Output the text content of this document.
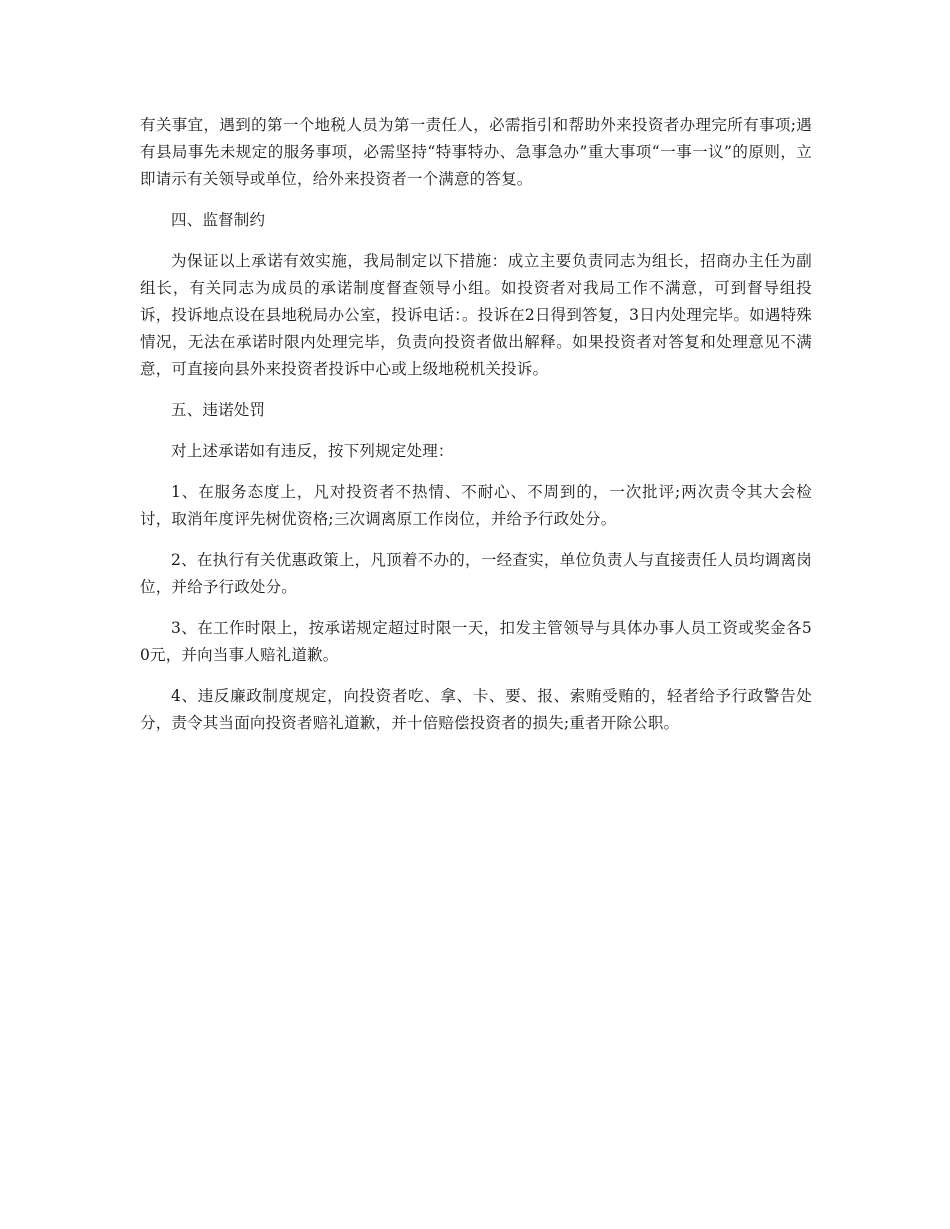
有关事宜，遇到的第一个地税人员为第一责任人，必需指引和帮助外来投资者办理完所有事项;遇有县局事先未规定的服务事项，必需坚持“特事特办、急事急办”重大事项“一事一议”的原则，立即请示有关领导或单位，给外来投资者一个满意的答复。

四、监督制约

为保证以上承诺有效实施，我局制定以下措施：成立主要负责同志为组长，招商办主任为副组长，有关同志为成员的承诺制度督查领导小组。如投资者对我局工作不满意，可到督导组投诉，投诉地点设在县地税局办公室，投诉电话：。投诉在2日得到答复，3日内处理完毕。如遇特殊情况，无法在承诺时限内处理完毕，负责向投资者做出解释。如果投资者对答复和处理意见不满意，可直接向县外来投资者投诉中心或上级地税机关投诉。

五、违诺处罚

对上述承诺如有违反，按下列规定处理：

1、在服务态度上，凡对投资者不热情、不耐心、不周到的，一次批评;两次责令其大会检讨，取消年度评先树优资格;三次调离原工作岗位，并给予行政处分。

2、在执行有关优惠政策上，凡顶着不办的，一经查实，单位负责人与直接责任人员均调离岗位，并给予行政处分。

3、在工作时限上，按承诺规定超过时限一天，扣发主管领导与具体办事人员工资或奖金各50元，并向当事人赔礼道歉。

4、违反廉政制度规定，向投资者吃、拿、卡、要、报、索贿受贿的，轻者给予行政警告处分，责令其当面向投资者赔礼道歉，并十倍赔偿投资者的损失;重者开除公职。
